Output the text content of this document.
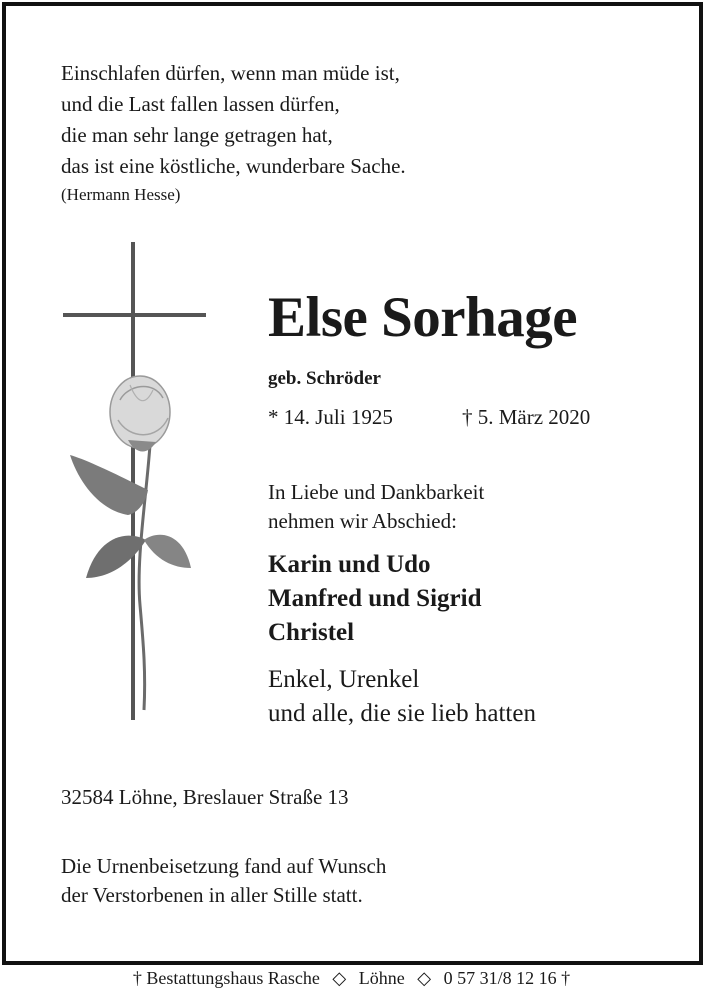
Einschlafen dürfen, wenn man müde ist,
und die Last fallen lassen dürfen,
die man sehr lange getragen hat,
das ist eine köstliche, wunderbare Sache.
(Hermann Hesse)
Else Sorhage
geb. Schröder
* 14. Juli 1925	† 5. März 2020
In Liebe und Dankbarkeit
nehmen wir Abschied:
Karin und Udo
Manfred und Sigrid
Christel
Enkel, Urenkel
und alle, die sie lieb hatten
32584 Löhne, Breslauer Straße 13
Die Urnenbeisetzung fand auf Wunsch
der Verstorbenen in aller Stille statt.
† Bestattungshaus Rasche ◇ Löhne ◇ 0 57 31/8 12 16 †
